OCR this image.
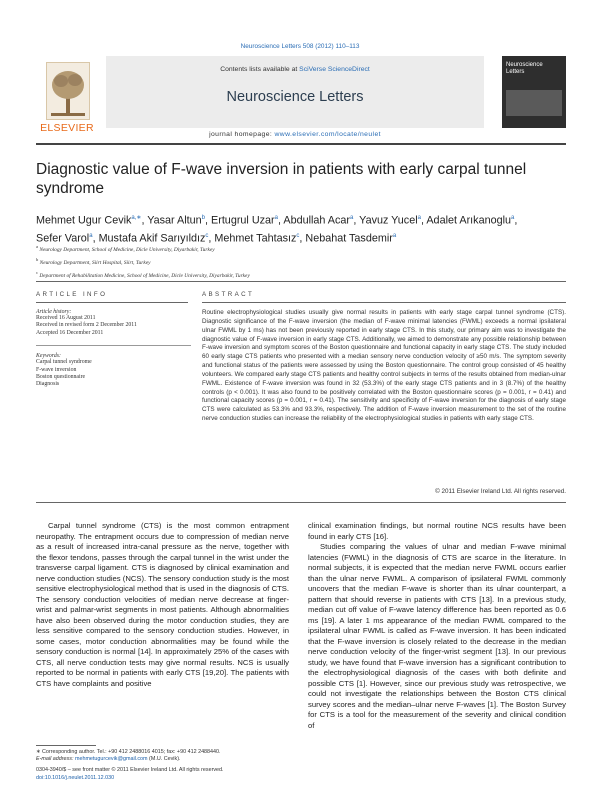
Neuroscience Letters 508 (2012) 110–113
ELSEVIER
Contents lists available at SciVerse ScienceDirect
Neuroscience Letters
Neuroscience Letters
journal homepage: www.elsevier.com/locate/neulet
Diagnostic value of F-wave inversion in patients with early carpal tunnel syndrome
Mehmet Ugur Cevik$^{a,∗}$, Yasar Altun$^b$, Ertugrul Uzar$^a$, Abdullah Acar$^a$, Yavuz Yucel$^a$, Adalet Arıkanoglu$^a$,
Sefer Varol$^a$, Mustafa Akif Sarıyıldız$^c$, Mehmet Tahtasız$^c$, Nebahat Tasdemir$^a$
$^a$ Neurology Department, School of Medicine, Dicle University, Diyarbakir, Turkey
$^b$ Neurology Department, Siirt Hospital, Siirt, Turkey
$^c$ Department of Rehabilitation Medicine, School of Medicine, Dicle University, Diyarbakir, Turkey
ARTICLE INFO	ABSTRACT
Article history:
Received 16 August 2011
Received in revised form 2 December 2011
Accepted 16 December 2011
Keywords:
Carpal tunnel syndrome
F-wave inversion
Boston questionnaire
Diagnosis
Routine electrophysiological studies usually give normal results in patients with early stage carpal tunnel syndrome (CTS). Diagnostic significance of the F-wave inversion (the median of F-wave minimal latencies (FWML) exceeds a normal ipsilateral ulnar FWML by 1 ms) has not been previously reported in early stage CTS. In this study, our primary aim was to investigate the diagnostic value of F-wave inversion in early stage CTS. Additionally, we aimed to demonstrate any possible relationship between F-wave inversion and symptom scores of the Boston questionnaire and functional capacity in early stage CTS. The study included 60 early stage CTS patients who presented with a median sensory nerve conduction velocity of ≥50 m/s. The symptom severity and functional status of the patients were assessed by using the Boston questionnaire. The control group consisted of 45 healthy volunteers. We compared early stage CTS patients and healthy control subjects in terms of the results obtained from median-ulnar FWML. Existence of F-wave inversion was found in 32 (53.3%) of the early stage CTS patients and in 3 (8.7%) of the healthy controls (p < 0.001). It was also found to be positively correlated with the Boston questionnaire scores (p = 0.001, r = 0.41) and functional capacity scores (p = 0.001, r = 0.41). The sensitivity and specificity of F-wave inversion for the diagnosis of early stage CTS were calculated as 53.3% and 93.3%, respectively. The addition of F-wave inversion measurement to the set of the routine nerve conduction studies can increase the reliability of the electrophysiological studies in patients with early stage CTS.
© 2011 Elsevier Ireland Ltd. All rights reserved.

Carpal tunnel syndrome (CTS) is the most common entrapment neuropathy. The entrapment occurs due to compression of median nerve as a result of increased intra-canal pressure as the nerve, together with the flexor tendons, passes through the carpal tunnel in the wrist under the transverse carpal ligament. CTS is diagnosed by clinical examination and nerve conduction studies (NCS). The sensory conduction study is the most sensitive electrophysiological method that is used in the diagnosis of CTS. The sensory conduction velocities of median nerve decrease at finger-wrist and palmar-wrist segments in most patients. Although abnormalities have also been observed during the motor conduction studies, they are less sensitive compared to the sensory conduction studies. However, in some cases, motor conduction abnormalities may be found while the sensory conduction is normal [14]. In approximately 25% of the cases with CTS, all nerve conduction tests may give normal results. NCS is usually reported to be normal in patients with early CTS [19,20]. The patients with CTS have complaints and positive

clinical examination findings, but normal routine NCS results have been found in early CTS [16].

Studies comparing the values of ulnar and median F-wave minimal latencies (FWML) in the diagnosis of CTS are scarce in the literature. In normal subjects, it is expected that the median nerve FWML occurs earlier than the ulnar nerve FWML. A comparison of ipsilateral FWML commonly uncovers that the median F-wave is shorter than its ulnar counterpart, a pattern that should reverse in patients with CTS [13]. In a previous study, median cut off value of F-wave latency difference has been reported as 0.6 ms [19]. A later 1 ms appearance of the median FWML compared to the ipsilateral ulnar FWML is called as F-wave inversion. It has been indicated that the F-wave inversion is closely related to the decrease in the median nerve conduction velocity of the finger-wrist segment [13]. In our previous study, we have found that F-wave inversion has a significant contribution to the electrophysiological diagnosis of the cases with both definite and possible CTS [1]. However, since our previous study was retrospective, we could not investigate the relationships between the Boston CTS clinical survey scores and the median–ulnar nerve F-waves [1]. The Boston Survey for CTS is a tool for the measurement of the severity and clinical condition of

∗ Corresponding author. Tel.: +90 412 2488016 4015; fax: +90 412 2488440.
E-mail address: mehmetugurcevik@gmail.com (M.U. Cevik).
0304-3940/$ – see front matter © 2011 Elsevier Ireland Ltd. All rights reserved.
doi:10.1016/j.neulet.2011.12.030
